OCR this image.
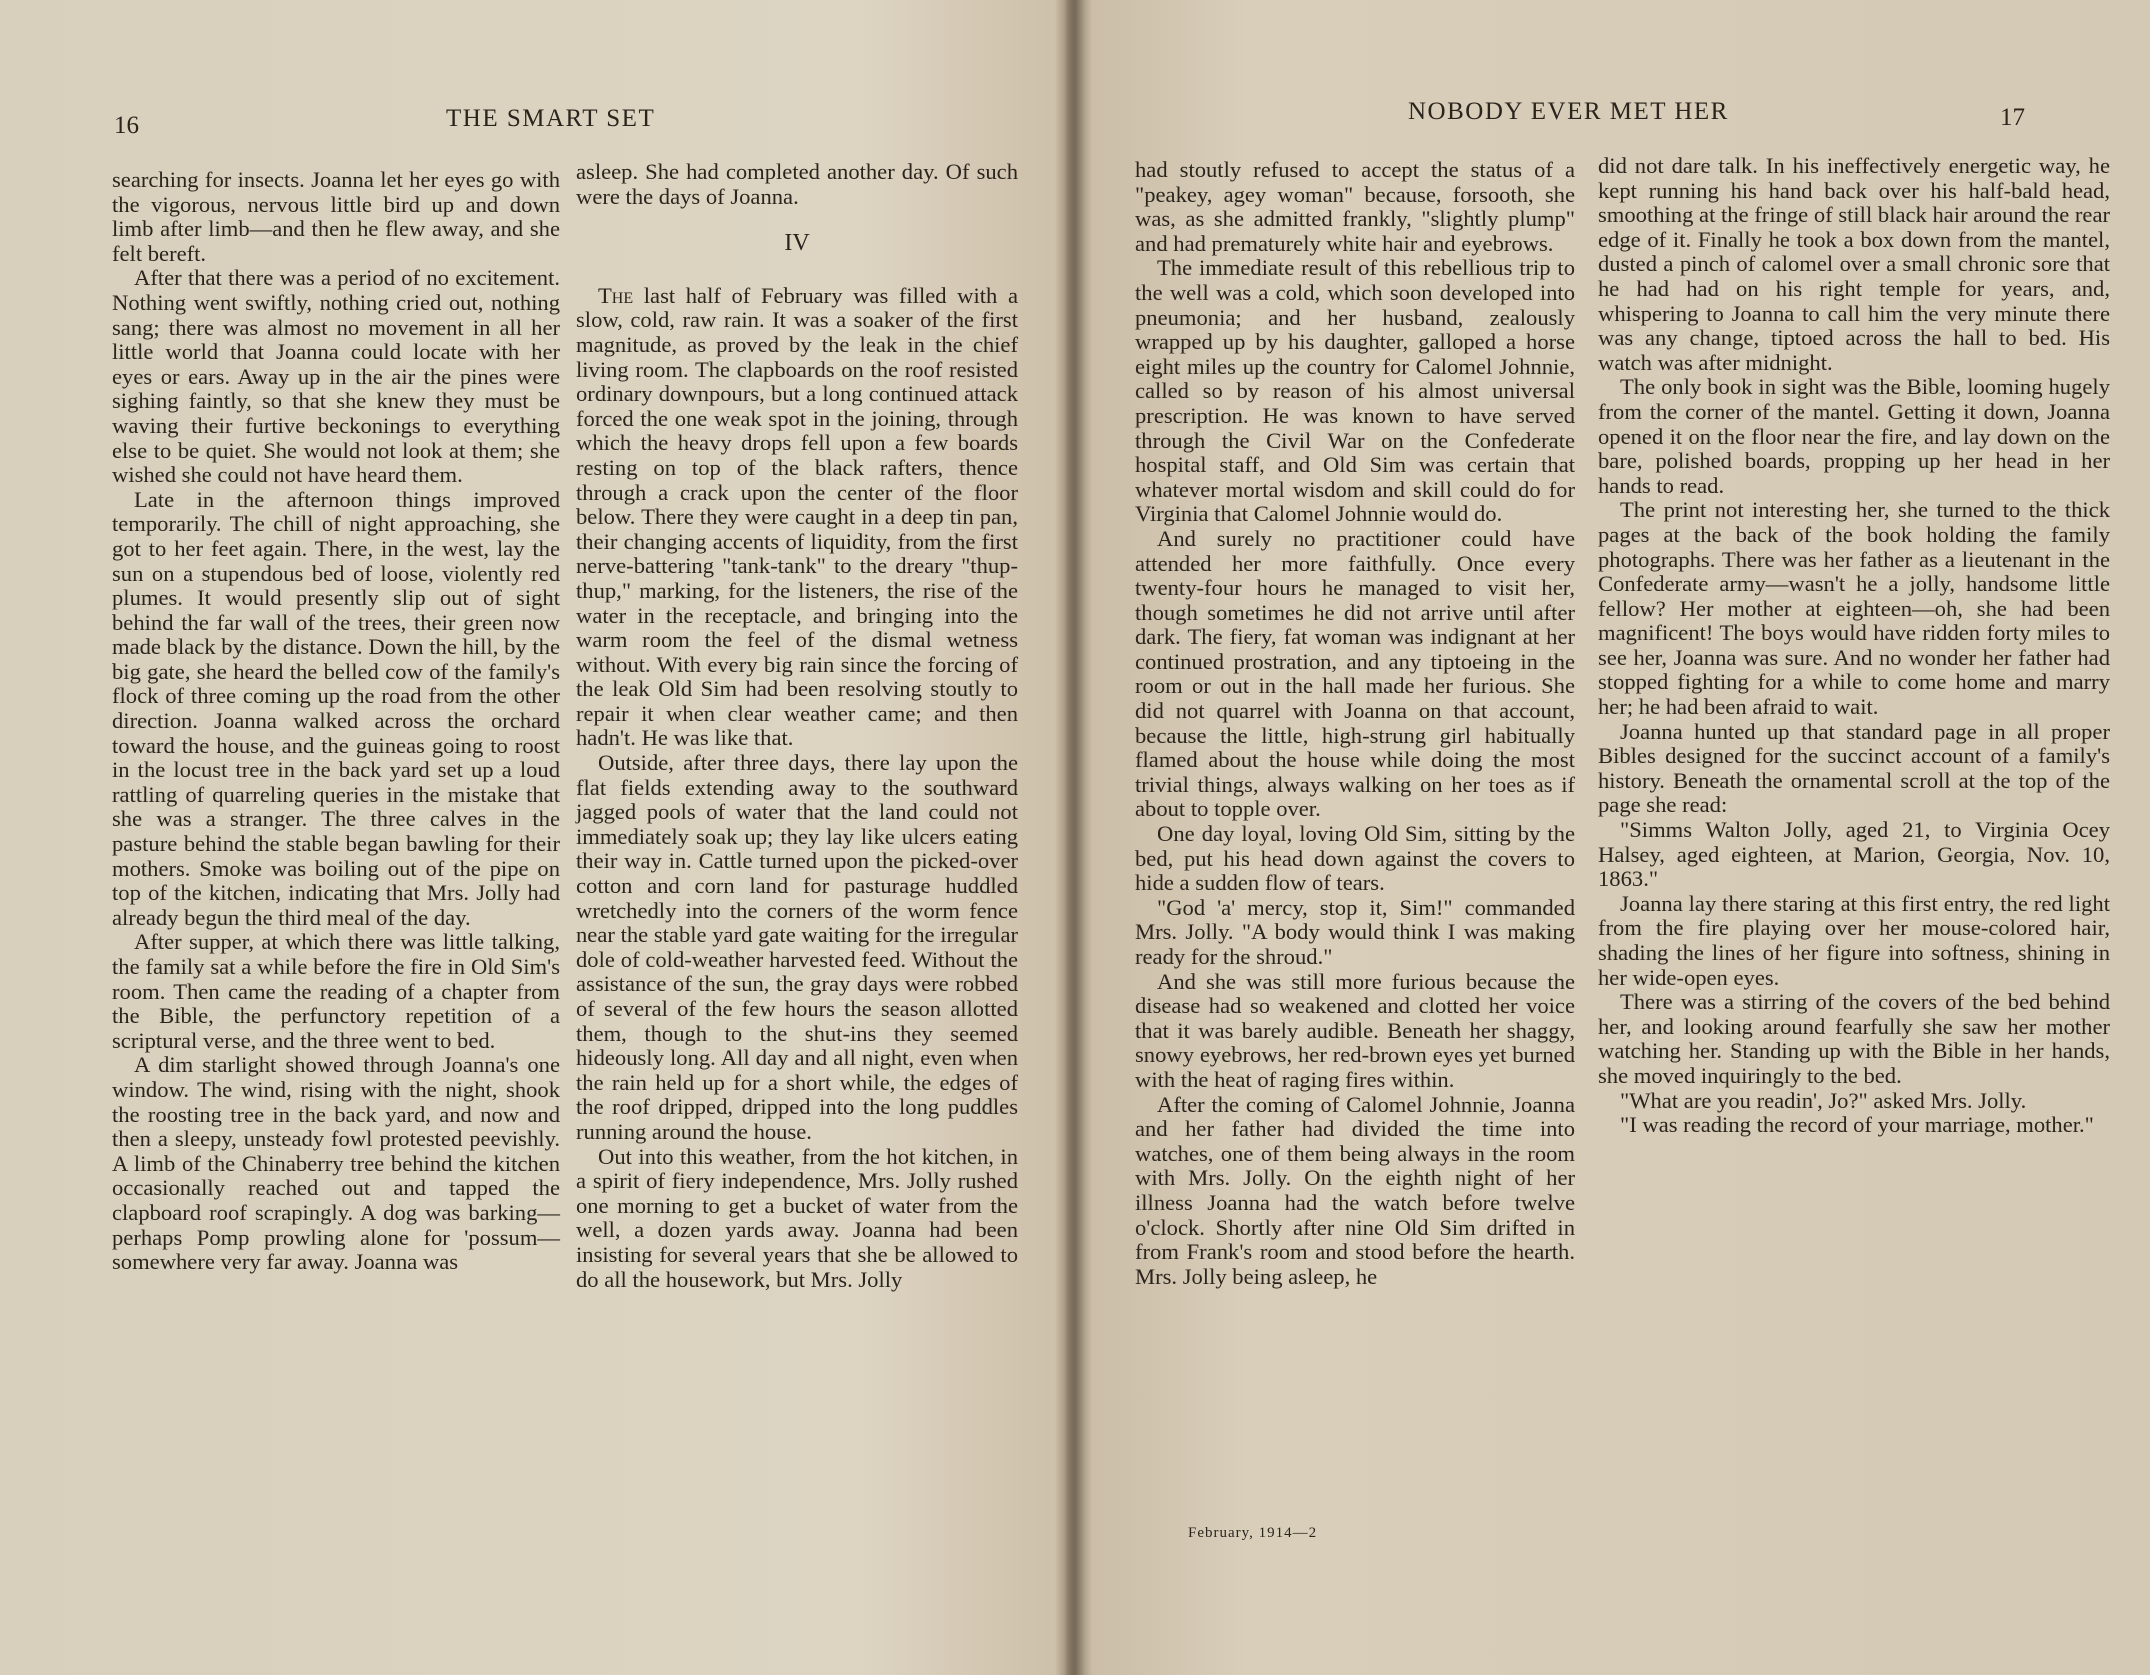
16	THE SMART SET

searching for insects. Joanna let her eyes go with the vigorous, nervous little bird up and down limb after limb—and then he flew away, and she felt bereft.

After that there was a period of no excitement. Nothing went swiftly, nothing cried out, nothing sang; there was almost no movement in all her little world that Joanna could locate with her eyes or ears. Away up in the air the pines were sighing faintly, so that she knew they must be waving their furtive beckonings to everything else to be quiet. She would not look at them; she wished she could not have heard them.

Late in the afternoon things improved temporarily. The chill of night approaching, she got to her feet again. There, in the west, lay the sun on a stupendous bed of loose, violently red plumes. It would presently slip out of sight behind the far wall of the trees, their green now made black by the distance. Down the hill, by the big gate, she heard the belled cow of the family's flock of three coming up the road from the other direction. Joanna walked across the orchard toward the house, and the guineas going to roost in the locust tree in the back yard set up a loud rattling of quarreling queries in the mistake that she was a stranger. The three calves in the pasture behind the stable began bawling for their mothers. Smoke was boiling out of the pipe on top of the kitchen, indicating that Mrs. Jolly had already begun the third meal of the day.

After supper, at which there was little talking, the family sat a while before the fire in Old Sim's room. Then came the reading of a chapter from the Bible, the perfunctory repetition of a scriptural verse, and the three went to bed.

A dim starlight showed through Joanna's one window. The wind, rising with the night, shook the roosting tree in the back yard, and now and then a sleepy, unsteady fowl protested peevishly. A limb of the Chinaberry tree behind the kitchen occasionally reached out and tapped the clapboard roof scrapingly. A dog was barking—perhaps Pomp prowling alone for 'possum—somewhere very far away. Joanna was

asleep. She had completed another day. Of such were the days of Joanna.

IV

The last half of February was filled with a slow, cold, raw rain. It was a soaker of the first magnitude, as proved by the leak in the chief living room. The clapboards on the roof resisted ordinary downpours, but a long continued attack forced the one weak spot in the joining, through which the heavy drops fell upon a few boards resting on top of the black rafters, thence through a crack upon the center of the floor below. There they were caught in a deep tin pan, their changing accents of liquidity, from the first nerve-battering "tank-tank" to the dreary "thup-thup," marking, for the listeners, the rise of the water in the receptacle, and bringing into the warm room the feel of the dismal wetness without. With every big rain since the forcing of the leak Old Sim had been resolving stoutly to repair it when clear weather came; and then hadn't. He was like that.

Outside, after three days, there lay upon the flat fields extending away to the southward jagged pools of water that the land could not immediately soak up; they lay like ulcers eating their way in. Cattle turned upon the picked-over cotton and corn land for pasturage huddled wretchedly into the corners of the worm fence near the stable yard gate waiting for the irregular dole of cold-weather harvested feed. Without the assistance of the sun, the gray days were robbed of several of the few hours the season allotted them, though to the shut-ins they seemed hideously long. All day and all night, even when the rain held up for a short while, the edges of the roof dripped, dripped into the long puddles running around the house.

Out into this weather, from the hot kitchen, in a spirit of fiery independence, Mrs. Jolly rushed one morning to get a bucket of water from the well, a dozen yards away. Joanna had been insisting for several years that she be allowed to do all the housework, but Mrs. Jolly

NOBODY EVER MET HER	17

had stoutly refused to accept the status of a "peakey, agey woman" because, forsooth, she was, as she admitted frankly, "slightly plump" and had prematurely white hair and eyebrows.

The immediate result of this rebellious trip to the well was a cold, which soon developed into pneumonia; and her husband, zealously wrapped up by his daughter, galloped a horse eight miles up the country for Calomel Johnnie, called so by reason of his almost universal prescription. He was known to have served through the Civil War on the Confederate hospital staff, and Old Sim was certain that whatever mortal wisdom and skill could do for Virginia that Calomel Johnnie would do.

And surely no practitioner could have attended her more faithfully. Once every twenty-four hours he managed to visit her, though sometimes he did not arrive until after dark. The fiery, fat woman was indignant at her continued prostration, and any tiptoeing in the room or out in the hall made her furious. She did not quarrel with Joanna on that account, because the little, high-strung girl habitually flamed about the house while doing the most trivial things, always walking on her toes as if about to topple over.

One day loyal, loving Old Sim, sitting by the bed, put his head down against the covers to hide a sudden flow of tears.

"God 'a' mercy, stop it, Sim!" commanded Mrs. Jolly. "A body would think I was making ready for the shroud."

And she was still more furious because the disease had so weakened and clotted her voice that it was barely audible. Beneath her shaggy, snowy eyebrows, her red-brown eyes yet burned with the heat of raging fires within.

After the coming of Calomel Johnnie, Joanna and her father had divided the time into watches, one of them being always in the room with Mrs. Jolly. On the eighth night of her illness Joanna had the watch before twelve o'clock. Shortly after nine Old Sim drifted in from Frank's room and stood before the hearth. Mrs. Jolly being asleep, he

February, 1914—2

did not dare talk. In his ineffectively energetic way, he kept running his hand back over his half-bald head, smoothing at the fringe of still black hair around the rear edge of it. Finally he took a box down from the mantel, dusted a pinch of calomel over a small chronic sore that he had had on his right temple for years, and, whispering to Joanna to call him the very minute there was any change, tiptoed across the hall to bed. His watch was after midnight.

The only book in sight was the Bible, looming hugely from the corner of the mantel. Getting it down, Joanna opened it on the floor near the fire, and lay down on the bare, polished boards, propping up her head in her hands to read.

The print not interesting her, she turned to the thick pages at the back of the book holding the family photographs. There was her father as a lieutenant in the Confederate army—wasn't he a jolly, handsome little fellow? Her mother at eighteen—oh, she had been magnificent! The boys would have ridden forty miles to see her, Joanna was sure. And no wonder her father had stopped fighting for a while to come home and marry her; he had been afraid to wait.

Joanna hunted up that standard page in all proper Bibles designed for the succinct account of a family's history. Beneath the ornamental scroll at the top of the page she read:

"Simms Walton Jolly, aged 21, to Virginia Ocey Halsey, aged eighteen, at Marion, Georgia, Nov. 10, 1863."

Joanna lay there staring at this first entry, the red light from the fire playing over her mouse-colored hair, shading the lines of her figure into softness, shining in her wide-open eyes.

There was a stirring of the covers of the bed behind her, and looking around fearfully she saw her mother watching her. Standing up with the Bible in her hands, she moved inquiringly to the bed.

"What are you readin', Jo?" asked Mrs. Jolly.

"I was reading the record of your marriage, mother."
